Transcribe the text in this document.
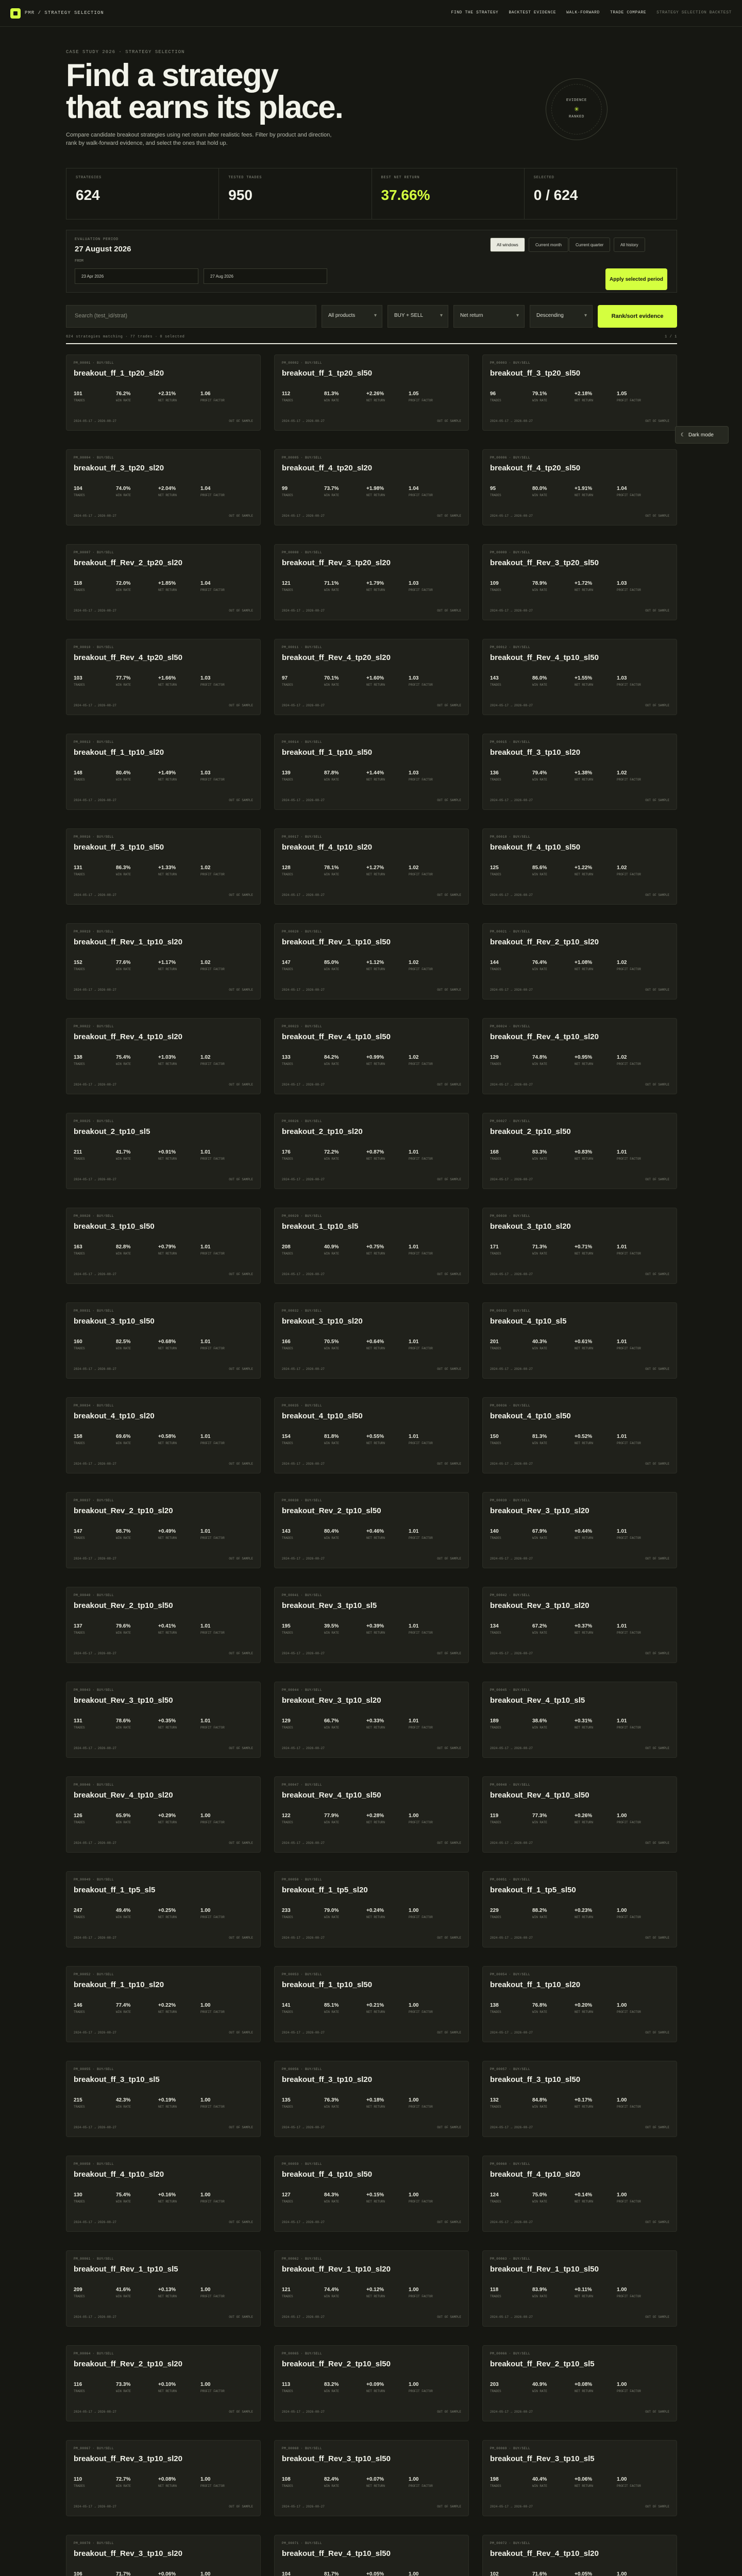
PMR / STRATEGY SELECTION	FIND THE STRATEGY	BACKTEST EVIDENCE	WALK-FORWARD	TRADE COMPARE	STRATEGY SELECTION BACKTEST
CASE STUDY 2026 · STRATEGY SELECTION
Find a strategy
that earns its place.
Compare candidate breakout strategies using net return after realistic fees. Filter by product and direction, rank by walk-forward evidence, and select the ones that hold up.
EVIDENCE
✳
RANKED
STRATEGIES
624
TESTED TRADES
950
BEST NET RETURN
37.66%
SELECTED
0 / 624
EVALUATION PERIOD
27 August 2026
FROM
23 Apr 2026	27 Aug 2026
All windows	Current month	Current quarter	All history
Apply selected period
Search (test_id/strat)	All products ▾	BUY + SELL ▾	Net return ▾	Descending ▾	Rank/sort evidence
624 strategies matching · 77 trades · 0 selected	1 / 1
PM_00001 · BUY/SELL
breakout_ff_1_tp20_sl20
101
TRADES
76.2%
WIN RATE
+2.31%
NET RETURN
1.06
PROFIT FACTOR
2024-05-17 → 2026-08-27	OUT OF SAMPLE
PM_00002 · BUY/SELL
breakout_ff_1_tp20_sl50
112
TRADES
81.3%
WIN RATE
+2.26%
NET RETURN
1.05
PROFIT FACTOR
2024-05-17 → 2026-08-27	OUT OF SAMPLE
PM_00003 · BUY/SELL
breakout_ff_3_tp20_sl50
96
TRADES
79.1%
WIN RATE
+2.18%
NET RETURN
1.05
PROFIT FACTOR
2024-05-17 → 2026-08-27	OUT OF SAMPLE
PM_00004 · BUY/SELL
breakout_ff_3_tp20_sl20
104
TRADES
74.0%
WIN RATE
+2.04%
NET RETURN
1.04
PROFIT FACTOR
2024-05-17 → 2026-08-27	OUT OF SAMPLE
PM_00005 · BUY/SELL
breakout_ff_4_tp20_sl20
99
TRADES
73.7%
WIN RATE
+1.98%
NET RETURN
1.04
PROFIT FACTOR
2024-05-17 → 2026-08-27	OUT OF SAMPLE
PM_00006 · BUY/SELL
breakout_ff_4_tp20_sl50
95
TRADES
80.0%
WIN RATE
+1.91%
NET RETURN
1.04
PROFIT FACTOR
2024-05-17 → 2026-08-27	OUT OF SAMPLE
PM_00007 · BUY/SELL
breakout_ff_Rev_2_tp20_sl20
118
TRADES
72.0%
WIN RATE
+1.85%
NET RETURN
1.04
PROFIT FACTOR
2024-05-17 → 2026-08-27	OUT OF SAMPLE
PM_00008 · BUY/SELL
breakout_ff_Rev_3_tp20_sl20
121
TRADES
71.1%
WIN RATE
+1.79%
NET RETURN
1.03
PROFIT FACTOR
2024-05-17 → 2026-08-27	OUT OF SAMPLE
PM_00009 · BUY/SELL
breakout_ff_Rev_3_tp20_sl50
109
TRADES
78.9%
WIN RATE
+1.72%
NET RETURN
1.03
PROFIT FACTOR
2024-05-17 → 2026-08-27	OUT OF SAMPLE
PM_00010 · BUY/SELL
breakout_ff_Rev_4_tp20_sl50
103
TRADES
77.7%
WIN RATE
+1.66%
NET RETURN
1.03
PROFIT FACTOR
2024-05-17 → 2026-08-27	OUT OF SAMPLE
PM_00011 · BUY/SELL
breakout_ff_Rev_4_tp20_sl20
97
TRADES
70.1%
WIN RATE
+1.60%
NET RETURN
1.03
PROFIT FACTOR
2024-05-17 → 2026-08-27	OUT OF SAMPLE
PM_00012 · BUY/SELL
breakout_ff_Rev_4_tp10_sl50
143
TRADES
86.0%
WIN RATE
+1.55%
NET RETURN
1.03
PROFIT FACTOR
2024-05-17 → 2026-08-27	OUT OF SAMPLE
PM_00013 · BUY/SELL
breakout_ff_1_tp10_sl20
148
TRADES
80.4%
WIN RATE
+1.49%
NET RETURN
1.03
PROFIT FACTOR
2024-05-17 → 2026-08-27	OUT OF SAMPLE
PM_00014 · BUY/SELL
breakout_ff_1_tp10_sl50
139
TRADES
87.8%
WIN RATE
+1.44%
NET RETURN
1.03
PROFIT FACTOR
2024-05-17 → 2026-08-27	OUT OF SAMPLE
PM_00015 · BUY/SELL
breakout_ff_3_tp10_sl20
136
TRADES
79.4%
WIN RATE
+1.38%
NET RETURN
1.02
PROFIT FACTOR
2024-05-17 → 2026-08-27	OUT OF SAMPLE
PM_00016 · BUY/SELL
breakout_ff_3_tp10_sl50
131
TRADES
86.3%
WIN RATE
+1.33%
NET RETURN
1.02
PROFIT FACTOR
2024-05-17 → 2026-08-27	OUT OF SAMPLE
PM_00017 · BUY/SELL
breakout_ff_4_tp10_sl20
128
TRADES
78.1%
WIN RATE
+1.27%
NET RETURN
1.02
PROFIT FACTOR
2024-05-17 → 2026-08-27	OUT OF SAMPLE
PM_00018 · BUY/SELL
breakout_ff_4_tp10_sl50
125
TRADES
85.6%
WIN RATE
+1.22%
NET RETURN
1.02
PROFIT FACTOR
2024-05-17 → 2026-08-27	OUT OF SAMPLE
PM_00019 · BUY/SELL
breakout_ff_Rev_1_tp10_sl20
152
TRADES
77.6%
WIN RATE
+1.17%
NET RETURN
1.02
PROFIT FACTOR
2024-05-17 → 2026-08-27	OUT OF SAMPLE
PM_00020 · BUY/SELL
breakout_ff_Rev_1_tp10_sl50
147
TRADES
85.0%
WIN RATE
+1.12%
NET RETURN
1.02
PROFIT FACTOR
2024-05-17 → 2026-08-27	OUT OF SAMPLE
PM_00021 · BUY/SELL
breakout_ff_Rev_2_tp10_sl20
144
TRADES
76.4%
WIN RATE
+1.08%
NET RETURN
1.02
PROFIT FACTOR
2024-05-17 → 2026-08-27	OUT OF SAMPLE
PM_00022 · BUY/SELL
breakout_ff_Rev_4_tp10_sl20
138
TRADES
75.4%
WIN RATE
+1.03%
NET RETURN
1.02
PROFIT FACTOR
2024-05-17 → 2026-08-27	OUT OF SAMPLE
PM_00023 · BUY/SELL
breakout_ff_Rev_4_tp10_sl50
133
TRADES
84.2%
WIN RATE
+0.99%
NET RETURN
1.02
PROFIT FACTOR
2024-05-17 → 2026-08-27	OUT OF SAMPLE
PM_00024 · BUY/SELL
breakout_ff_Rev_4_tp10_sl20
129
TRADES
74.8%
WIN RATE
+0.95%
NET RETURN
1.02
PROFIT FACTOR
2024-05-17 → 2026-08-27	OUT OF SAMPLE
PM_00025 · BUY/SELL
breakout_2_tp10_sl5
211
TRADES
41.7%
WIN RATE
+0.91%
NET RETURN
1.01
PROFIT FACTOR
2024-05-17 → 2026-08-27	OUT OF SAMPLE
PM_00026 · BUY/SELL
breakout_2_tp10_sl20
176
TRADES
72.2%
WIN RATE
+0.87%
NET RETURN
1.01
PROFIT FACTOR
2024-05-17 → 2026-08-27	OUT OF SAMPLE
PM_00027 · BUY/SELL
breakout_2_tp10_sl50
168
TRADES
83.3%
WIN RATE
+0.83%
NET RETURN
1.01
PROFIT FACTOR
2024-05-17 → 2026-08-27	OUT OF SAMPLE
PM_00028 · BUY/SELL
breakout_3_tp10_sl50
163
TRADES
82.8%
WIN RATE
+0.79%
NET RETURN
1.01
PROFIT FACTOR
2024-05-17 → 2026-08-27	OUT OF SAMPLE
PM_00029 · BUY/SELL
breakout_1_tp10_sl5
208
TRADES
40.9%
WIN RATE
+0.75%
NET RETURN
1.01
PROFIT FACTOR
2024-05-17 → 2026-08-27	OUT OF SAMPLE
PM_00030 · BUY/SELL
breakout_3_tp10_sl20
171
TRADES
71.3%
WIN RATE
+0.71%
NET RETURN
1.01
PROFIT FACTOR
2024-05-17 → 2026-08-27	OUT OF SAMPLE
PM_00031 · BUY/SELL
breakout_3_tp10_sl50
160
TRADES
82.5%
WIN RATE
+0.68%
NET RETURN
1.01
PROFIT FACTOR
2024-05-17 → 2026-08-27	OUT OF SAMPLE
PM_00032 · BUY/SELL
breakout_3_tp10_sl20
166
TRADES
70.5%
WIN RATE
+0.64%
NET RETURN
1.01
PROFIT FACTOR
2024-05-17 → 2026-08-27	OUT OF SAMPLE
PM_00033 · BUY/SELL
breakout_4_tp10_sl5
201
TRADES
40.3%
WIN RATE
+0.61%
NET RETURN
1.01
PROFIT FACTOR
2024-05-17 → 2026-08-27	OUT OF SAMPLE
PM_00034 · BUY/SELL
breakout_4_tp10_sl20
158
TRADES
69.6%
WIN RATE
+0.58%
NET RETURN
1.01
PROFIT FACTOR
2024-05-17 → 2026-08-27	OUT OF SAMPLE
PM_00035 · BUY/SELL
breakout_4_tp10_sl50
154
TRADES
81.8%
WIN RATE
+0.55%
NET RETURN
1.01
PROFIT FACTOR
2024-05-17 → 2026-08-27	OUT OF SAMPLE
PM_00036 · BUY/SELL
breakout_4_tp10_sl50
150
TRADES
81.3%
WIN RATE
+0.52%
NET RETURN
1.01
PROFIT FACTOR
2024-05-17 → 2026-08-27	OUT OF SAMPLE
PM_00037 · BUY/SELL
breakout_Rev_2_tp10_sl20
147
TRADES
68.7%
WIN RATE
+0.49%
NET RETURN
1.01
PROFIT FACTOR
2024-05-17 → 2026-08-27	OUT OF SAMPLE
PM_00038 · BUY/SELL
breakout_Rev_2_tp10_sl50
143
TRADES
80.4%
WIN RATE
+0.46%
NET RETURN
1.01
PROFIT FACTOR
2024-05-17 → 2026-08-27	OUT OF SAMPLE
PM_00039 · BUY/SELL
breakout_Rev_3_tp10_sl20
140
TRADES
67.9%
WIN RATE
+0.44%
NET RETURN
1.01
PROFIT FACTOR
2024-05-17 → 2026-08-27	OUT OF SAMPLE
PM_00040 · BUY/SELL
breakout_Rev_2_tp10_sl50
137
TRADES
79.6%
WIN RATE
+0.41%
NET RETURN
1.01
PROFIT FACTOR
2024-05-17 → 2026-08-27	OUT OF SAMPLE
PM_00041 · BUY/SELL
breakout_Rev_3_tp10_sl5
195
TRADES
39.5%
WIN RATE
+0.39%
NET RETURN
1.01
PROFIT FACTOR
2024-05-17 → 2026-08-27	OUT OF SAMPLE
PM_00042 · BUY/SELL
breakout_Rev_3_tp10_sl20
134
TRADES
67.2%
WIN RATE
+0.37%
NET RETURN
1.01
PROFIT FACTOR
2024-05-17 → 2026-08-27	OUT OF SAMPLE
PM_00043 · BUY/SELL
breakout_Rev_3_tp10_sl50
131
TRADES
78.6%
WIN RATE
+0.35%
NET RETURN
1.01
PROFIT FACTOR
2024-05-17 → 2026-08-27	OUT OF SAMPLE
PM_00044 · BUY/SELL
breakout_Rev_3_tp10_sl20
129
TRADES
66.7%
WIN RATE
+0.33%
NET RETURN
1.01
PROFIT FACTOR
2024-05-17 → 2026-08-27	OUT OF SAMPLE
PM_00045 · BUY/SELL
breakout_Rev_4_tp10_sl5
189
TRADES
38.6%
WIN RATE
+0.31%
NET RETURN
1.01
PROFIT FACTOR
2024-05-17 → 2026-08-27	OUT OF SAMPLE
PM_00046 · BUY/SELL
breakout_Rev_4_tp10_sl20
126
TRADES
65.9%
WIN RATE
+0.29%
NET RETURN
1.00
PROFIT FACTOR
2024-05-17 → 2026-08-27	OUT OF SAMPLE
PM_00047 · BUY/SELL
breakout_Rev_4_tp10_sl50
122
TRADES
77.9%
WIN RATE
+0.28%
NET RETURN
1.00
PROFIT FACTOR
2024-05-17 → 2026-08-27	OUT OF SAMPLE
PM_00048 · BUY/SELL
breakout_Rev_4_tp10_sl50
119
TRADES
77.3%
WIN RATE
+0.26%
NET RETURN
1.00
PROFIT FACTOR
2024-05-17 → 2026-08-27	OUT OF SAMPLE
PM_00049 · BUY/SELL
breakout_ff_1_tp5_sl5
247
TRADES
49.4%
WIN RATE
+0.25%
NET RETURN
1.00
PROFIT FACTOR
2024-05-17 → 2026-08-27	OUT OF SAMPLE
PM_00050 · BUY/SELL
breakout_ff_1_tp5_sl20
233
TRADES
79.0%
WIN RATE
+0.24%
NET RETURN
1.00
PROFIT FACTOR
2024-05-17 → 2026-08-27	OUT OF SAMPLE
PM_00051 · BUY/SELL
breakout_ff_1_tp5_sl50
229
TRADES
88.2%
WIN RATE
+0.23%
NET RETURN
1.00
PROFIT FACTOR
2024-05-17 → 2026-08-27	OUT OF SAMPLE
PM_00052 · BUY/SELL
breakout_ff_1_tp10_sl20
146
TRADES
77.4%
WIN RATE
+0.22%
NET RETURN
1.00
PROFIT FACTOR
2024-05-17 → 2026-08-27	OUT OF SAMPLE
PM_00053 · BUY/SELL
breakout_ff_1_tp10_sl50
141
TRADES
85.1%
WIN RATE
+0.21%
NET RETURN
1.00
PROFIT FACTOR
2024-05-17 → 2026-08-27	OUT OF SAMPLE
PM_00054 · BUY/SELL
breakout_ff_1_tp10_sl20
138
TRADES
76.8%
WIN RATE
+0.20%
NET RETURN
1.00
PROFIT FACTOR
2024-05-17 → 2026-08-27	OUT OF SAMPLE
PM_00055 · BUY/SELL
breakout_ff_3_tp10_sl5
215
TRADES
42.3%
WIN RATE
+0.19%
NET RETURN
1.00
PROFIT FACTOR
2024-05-17 → 2026-08-27	OUT OF SAMPLE
PM_00056 · BUY/SELL
breakout_ff_3_tp10_sl20
135
TRADES
76.3%
WIN RATE
+0.18%
NET RETURN
1.00
PROFIT FACTOR
2024-05-17 → 2026-08-27	OUT OF SAMPLE
PM_00057 · BUY/SELL
breakout_ff_3_tp10_sl50
132
TRADES
84.8%
WIN RATE
+0.17%
NET RETURN
1.00
PROFIT FACTOR
2024-05-17 → 2026-08-27	OUT OF SAMPLE
PM_00058 · BUY/SELL
breakout_ff_4_tp10_sl20
130
TRADES
75.4%
WIN RATE
+0.16%
NET RETURN
1.00
PROFIT FACTOR
2024-05-17 → 2026-08-27	OUT OF SAMPLE
PM_00059 · BUY/SELL
breakout_ff_4_tp10_sl50
127
TRADES
84.3%
WIN RATE
+0.15%
NET RETURN
1.00
PROFIT FACTOR
2024-05-17 → 2026-08-27	OUT OF SAMPLE
PM_00060 · BUY/SELL
breakout_ff_4_tp10_sl20
124
TRADES
75.0%
WIN RATE
+0.14%
NET RETURN
1.00
PROFIT FACTOR
2024-05-17 → 2026-08-27	OUT OF SAMPLE
PM_00061 · BUY/SELL
breakout_ff_Rev_1_tp10_sl5
209
TRADES
41.6%
WIN RATE
+0.13%
NET RETURN
1.00
PROFIT FACTOR
2024-05-17 → 2026-08-27	OUT OF SAMPLE
PM_00062 · BUY/SELL
breakout_ff_Rev_1_tp10_sl20
121
TRADES
74.4%
WIN RATE
+0.12%
NET RETURN
1.00
PROFIT FACTOR
2024-05-17 → 2026-08-27	OUT OF SAMPLE
PM_00063 · BUY/SELL
breakout_ff_Rev_1_tp10_sl50
118
TRADES
83.9%
WIN RATE
+0.11%
NET RETURN
1.00
PROFIT FACTOR
2024-05-17 → 2026-08-27	OUT OF SAMPLE
PM_00064 · BUY/SELL
breakout_ff_Rev_2_tp10_sl20
116
TRADES
73.3%
WIN RATE
+0.10%
NET RETURN
1.00
PROFIT FACTOR
2024-05-17 → 2026-08-27	OUT OF SAMPLE
PM_00065 · BUY/SELL
breakout_ff_Rev_2_tp10_sl50
113
TRADES
83.2%
WIN RATE
+0.09%
NET RETURN
1.00
PROFIT FACTOR
2024-05-17 → 2026-08-27	OUT OF SAMPLE
PM_00066 · BUY/SELL
breakout_ff_Rev_2_tp10_sl5
203
TRADES
40.9%
WIN RATE
+0.08%
NET RETURN
1.00
PROFIT FACTOR
2024-05-17 → 2026-08-27	OUT OF SAMPLE
PM_00067 · BUY/SELL
breakout_ff_Rev_3_tp10_sl20
110
TRADES
72.7%
WIN RATE
+0.08%
NET RETURN
1.00
PROFIT FACTOR
2024-05-17 → 2026-08-27	OUT OF SAMPLE
PM_00068 · BUY/SELL
breakout_ff_Rev_3_tp10_sl50
108
TRADES
82.4%
WIN RATE
+0.07%
NET RETURN
1.00
PROFIT FACTOR
2024-05-17 → 2026-08-27	OUT OF SAMPLE
PM_00069 · BUY/SELL
breakout_ff_Rev_3_tp10_sl5
198
TRADES
40.4%
WIN RATE
+0.06%
NET RETURN
1.00
PROFIT FACTOR
2024-05-17 → 2026-08-27	OUT OF SAMPLE
PM_00070 · BUY/SELL
breakout_ff_Rev_3_tp10_sl20
106	71.7%	+0.06%	1.00
PM_00071 · BUY/SELL
breakout_ff_Rev_4_tp10_sl50
104	81.7%	+0.05%	1.00
PM_00072 · BUY/SELL
breakout_ff_Rev_4_tp10_sl20
102	71.6%	+0.05%	1.00
☾ Dark mode
